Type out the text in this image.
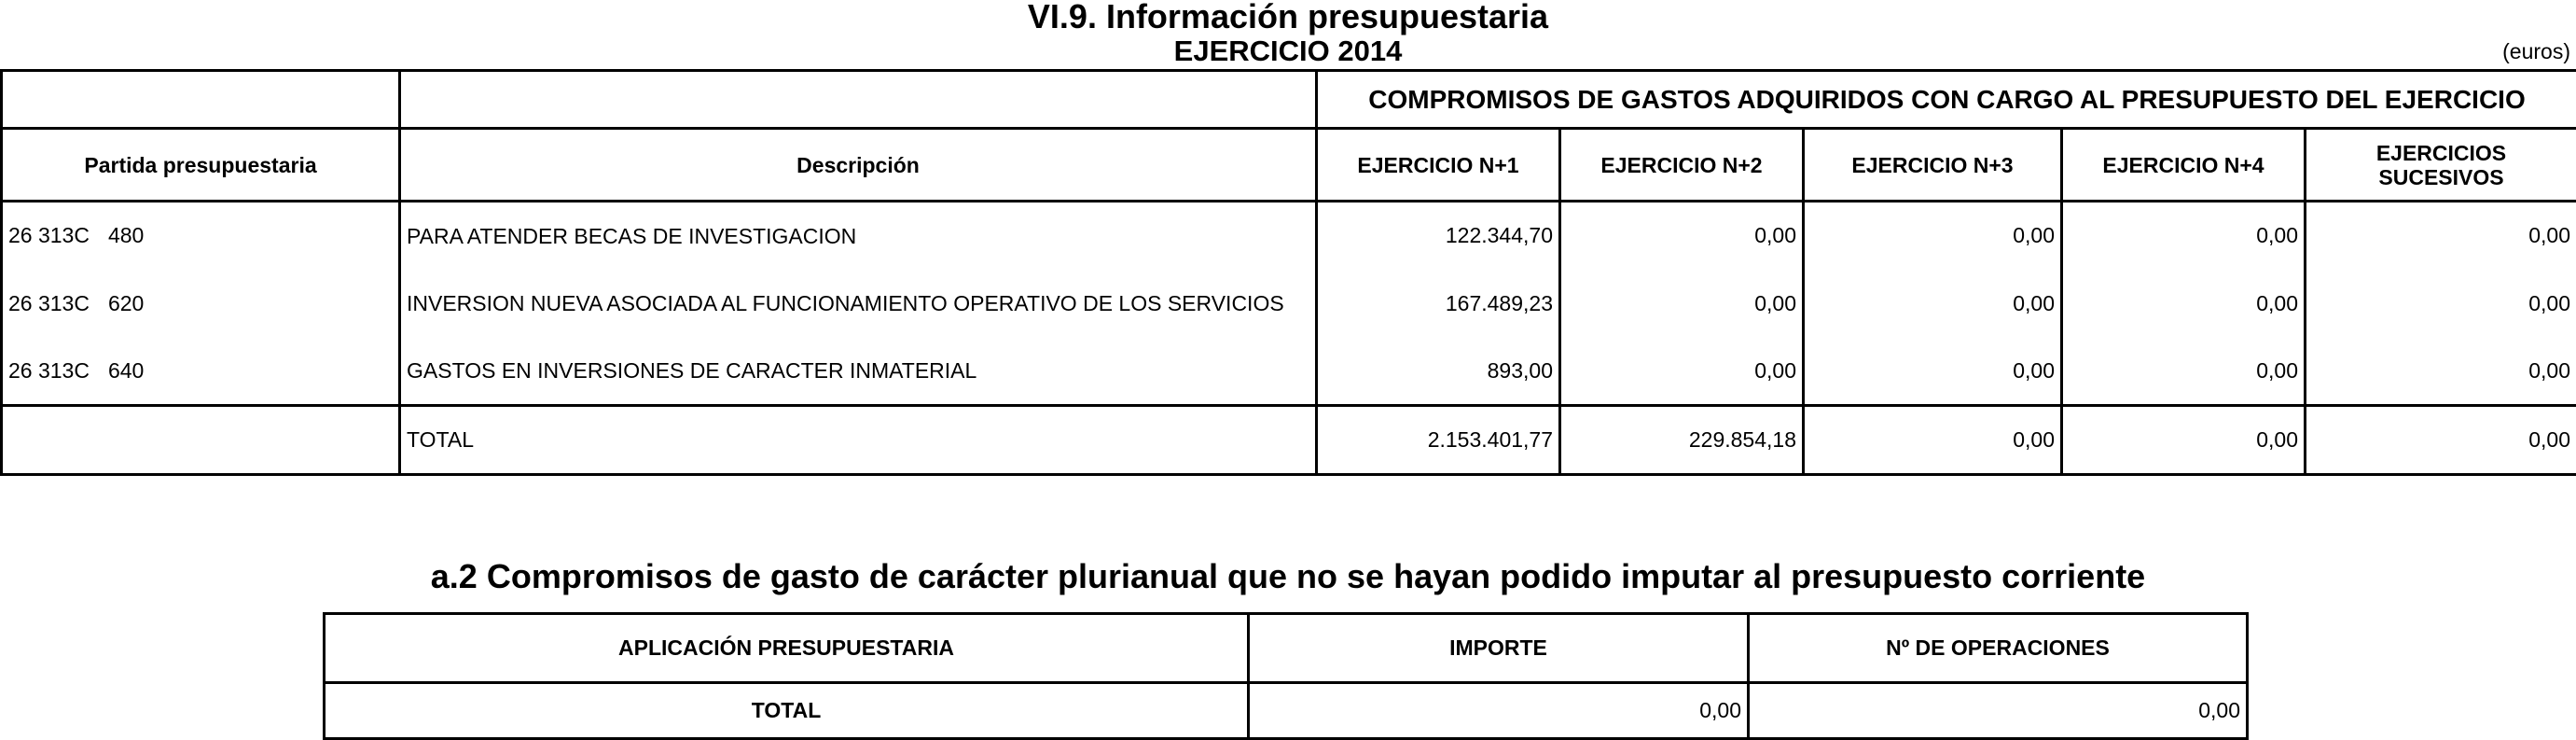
VI.9. Información presupuestaria
EJERCICIO 2014	(euros)
		COMPROMISOS DE GASTOS ADQUIRIDOS CON CARGO AL PRESUPUESTO DEL EJERCICIO				
Partida presupuestaria	Descripción	EJERCICIO N+1	EJERCICIO N+2	EJERCICIO N+3	EJERCICIO N+4	EJERCICIOS SUCESIVOS
26 313C 480	PARA ATENDER BECAS DE INVESTIGACION	122.344,70	0,00	0,00	0,00	0,00
26 313C 620	INVERSION NUEVA ASOCIADA AL FUNCIONAMIENTO OPERATIVO DE LOS SERVICIOS	167.489,23	0,00	0,00	0,00	0,00
26 313C 640	GASTOS EN INVERSIONES DE CARACTER INMATERIAL	893,00	0,00	0,00	0,00	0,00
	TOTAL	2.153.401,77	229.854,18	0,00	0,00	0,00
a.2 Compromisos de gasto de carácter plurianual que no se hayan podido imputar al presupuesto corriente
APLICACIÓN PRESUPUESTARIA	IMPORTE	Nº DE OPERACIONES
TOTAL	0,00	0,00
